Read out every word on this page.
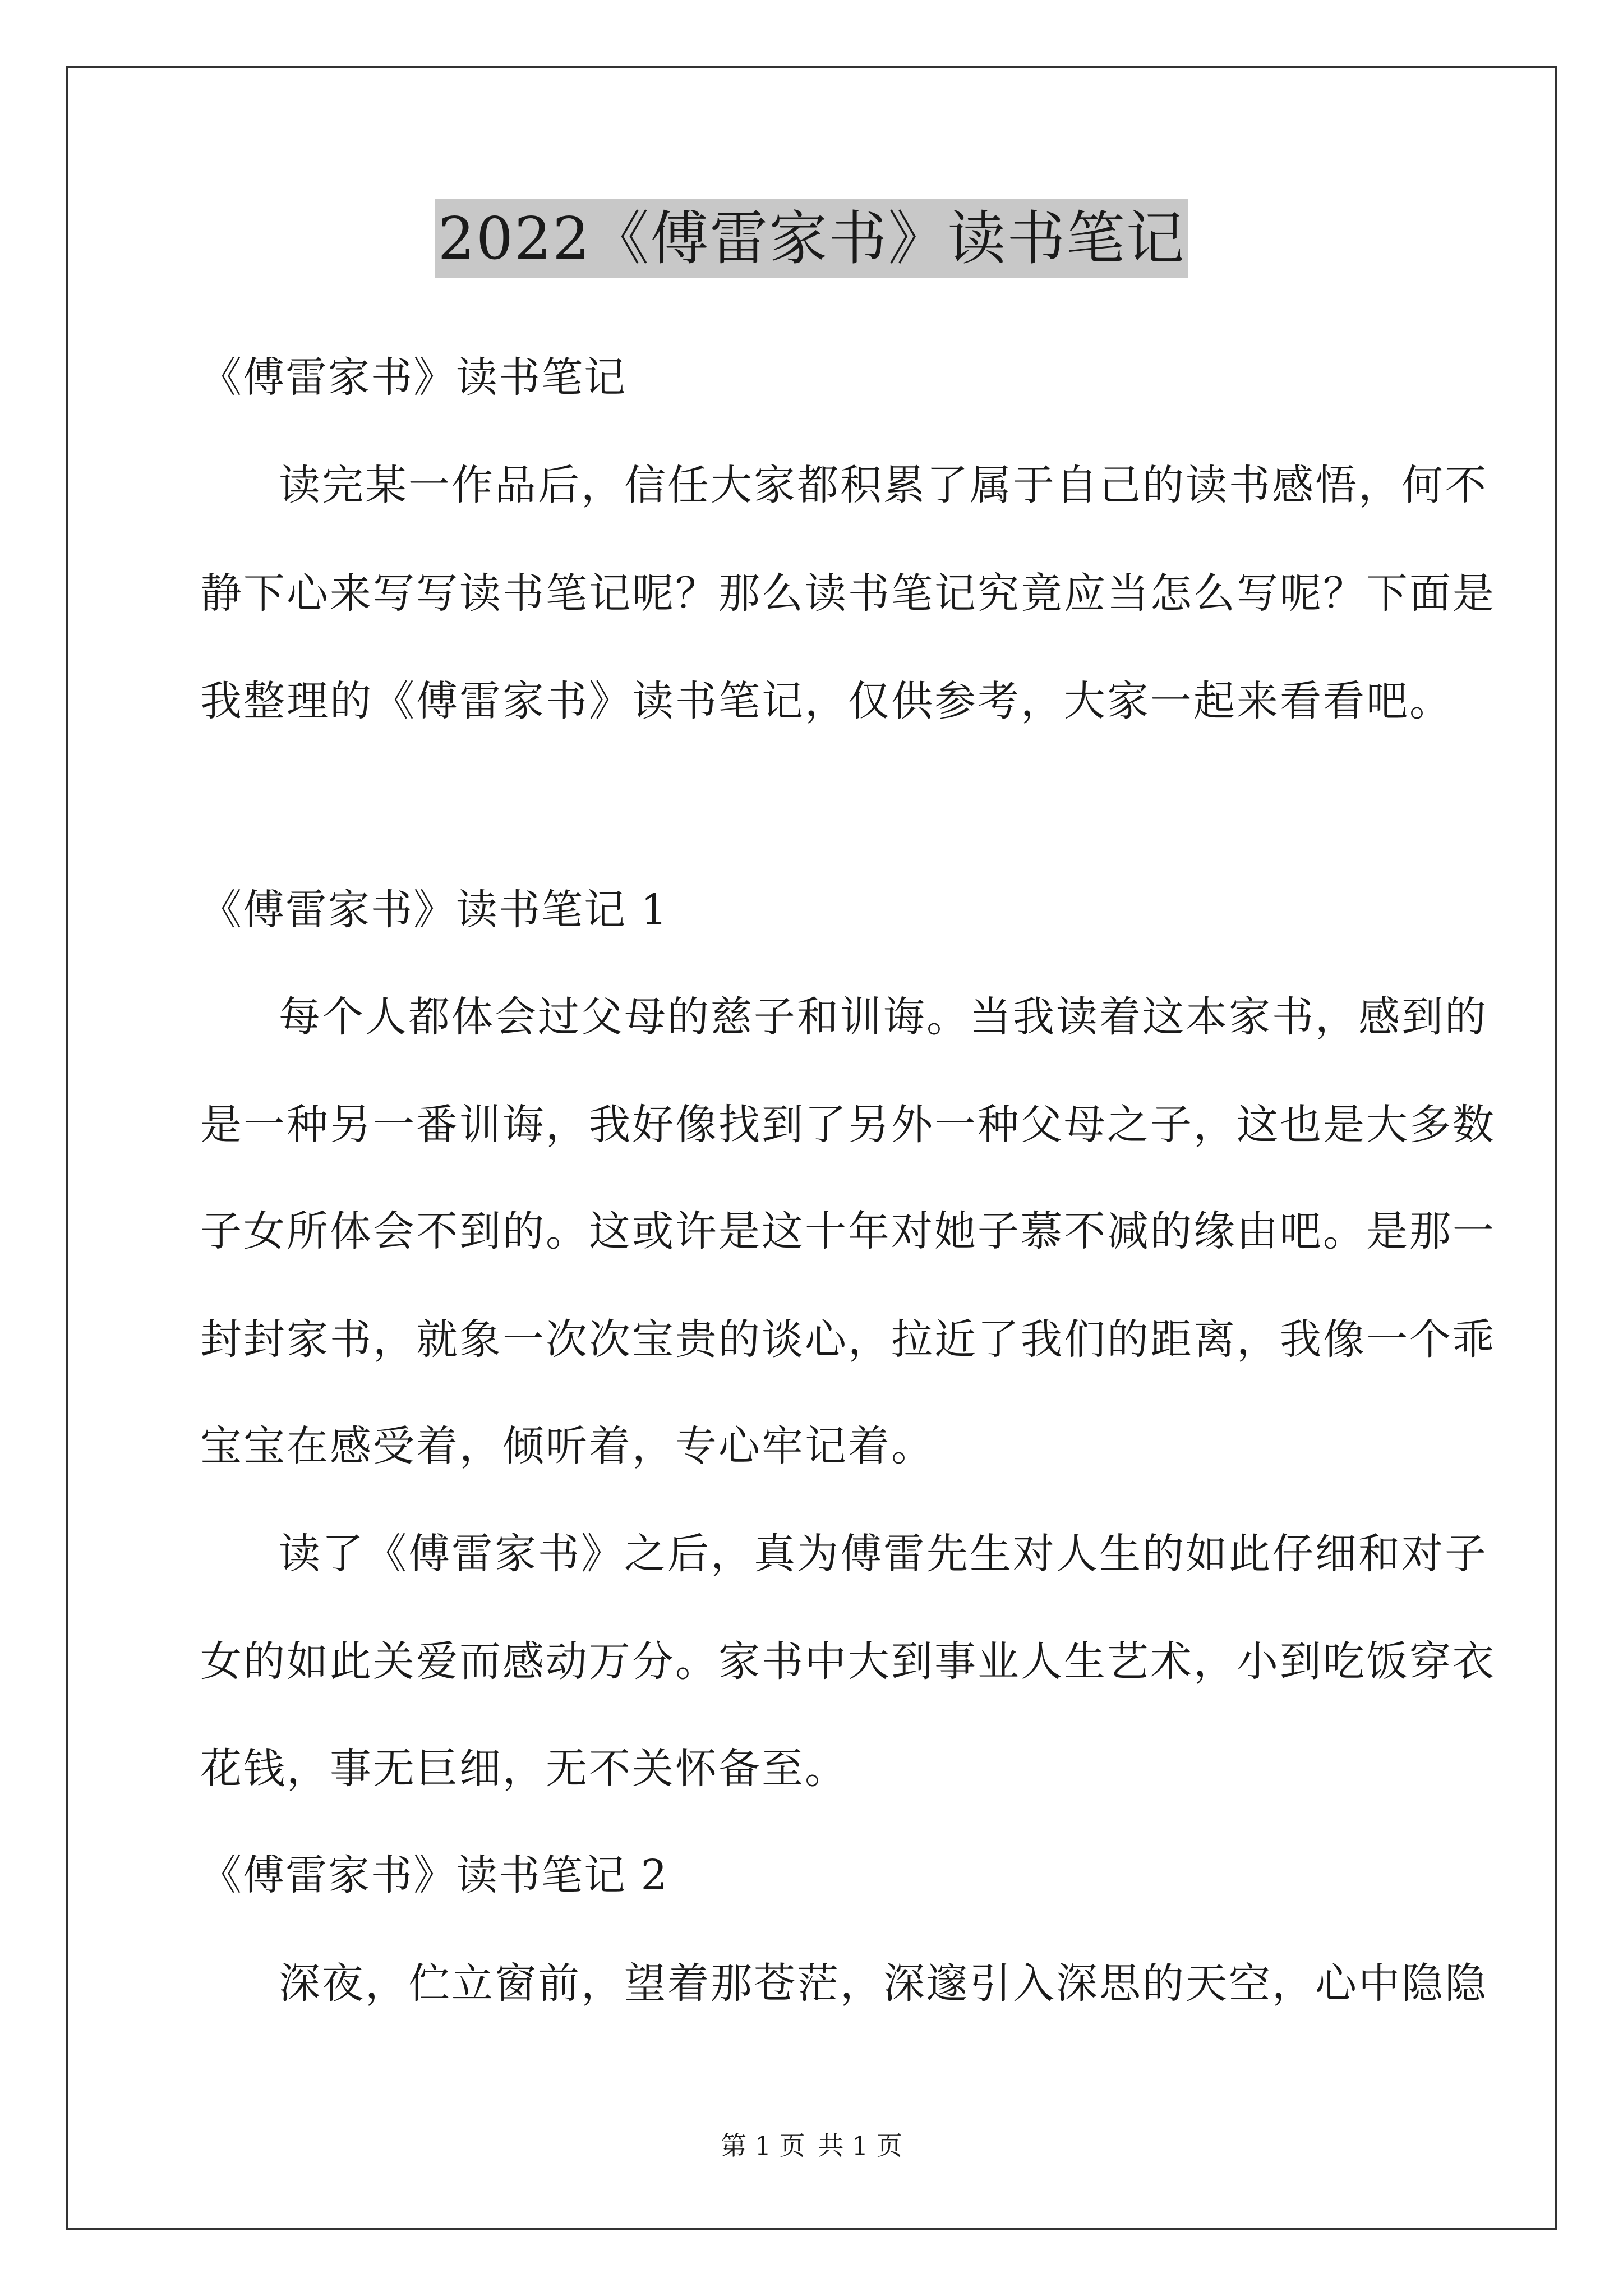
2022《傅雷家书》读书笔记
《傅雷家书》读书笔记
读完某一作品后，信任大家都积累了属于自己的读书感悟，何不
静下心来写写读书笔记呢？那么读书笔记究竟应当怎么写呢？下面是
我整理的《傅雷家书》读书笔记，仅供参考，大家一起来看看吧。
《傅雷家书》读书笔记 1
每个人都体会过父母的慈子和训诲。当我读着这本家书，感到的
是一种另一番训诲，我好像找到了另外一种父母之子，这也是大多数
子女所体会不到的。这或许是这十年对她子慕不减的缘由吧。是那一
封封家书，就象一次次宝贵的谈心，拉近了我们的距离，我像一个乖
宝宝在感受着，倾听着，专心牢记着。
读了《傅雷家书》之后，真为傅雷先生对人生的如此仔细和对子
女的如此关爱而感动万分。家书中大到事业人生艺术，小到吃饭穿衣
花钱，事无巨细，无不关怀备至。
《傅雷家书》读书笔记 2
深夜，伫立窗前，望着那苍茫，深邃引入深思的天空，心中隐隐
第 1 页 共 1 页
